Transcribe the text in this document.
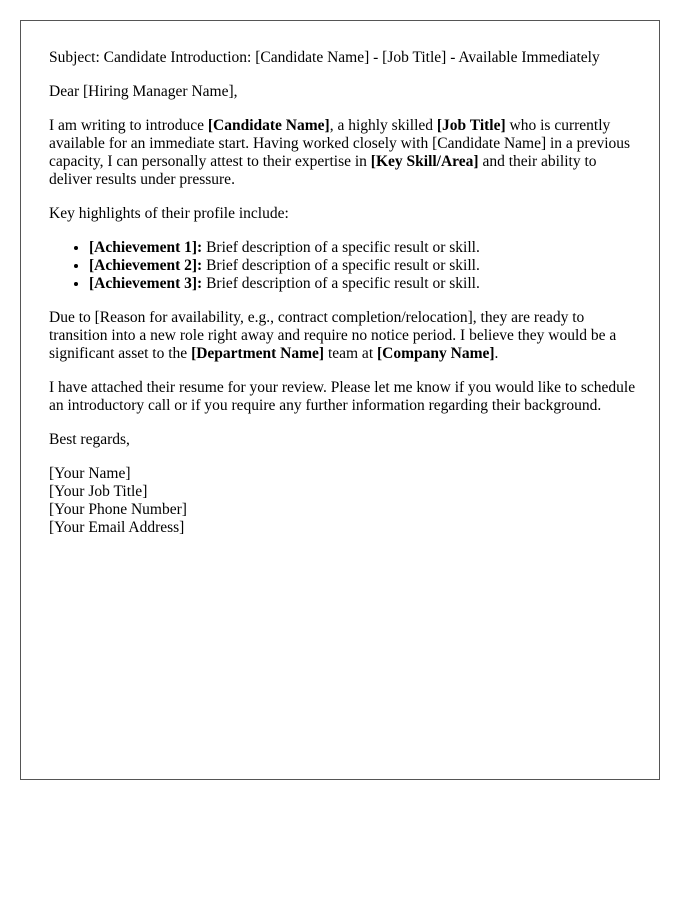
Subject: Candidate Introduction: [Candidate Name] - [Job Title] - Available Immediately

Dear [Hiring Manager Name],

I am writing to introduce [Candidate Name], a highly skilled [Job Title] who is currently available for an immediate start. Having worked closely with [Candidate Name] in a previous capacity, I can personally attest to their expertise in [Key Skill/Area] and their ability to deliver results under pressure.

Key highlights of their profile include:

• [Achievement 1]: Brief description of a specific result or skill.
• [Achievement 2]: Brief description of a specific result or skill.
• [Achievement 3]: Brief description of a specific result or skill.

Due to [Reason for availability, e.g., contract completion/relocation], they are ready to transition into a new role right away and require no notice period. I believe they would be a significant asset to the [Department Name] team at [Company Name].

I have attached their resume for your review. Please let me know if you would like to schedule an introductory call or if you require any further information regarding their background.

Best regards,

[Your Name]
[Your Job Title]
[Your Phone Number]
[Your Email Address]
